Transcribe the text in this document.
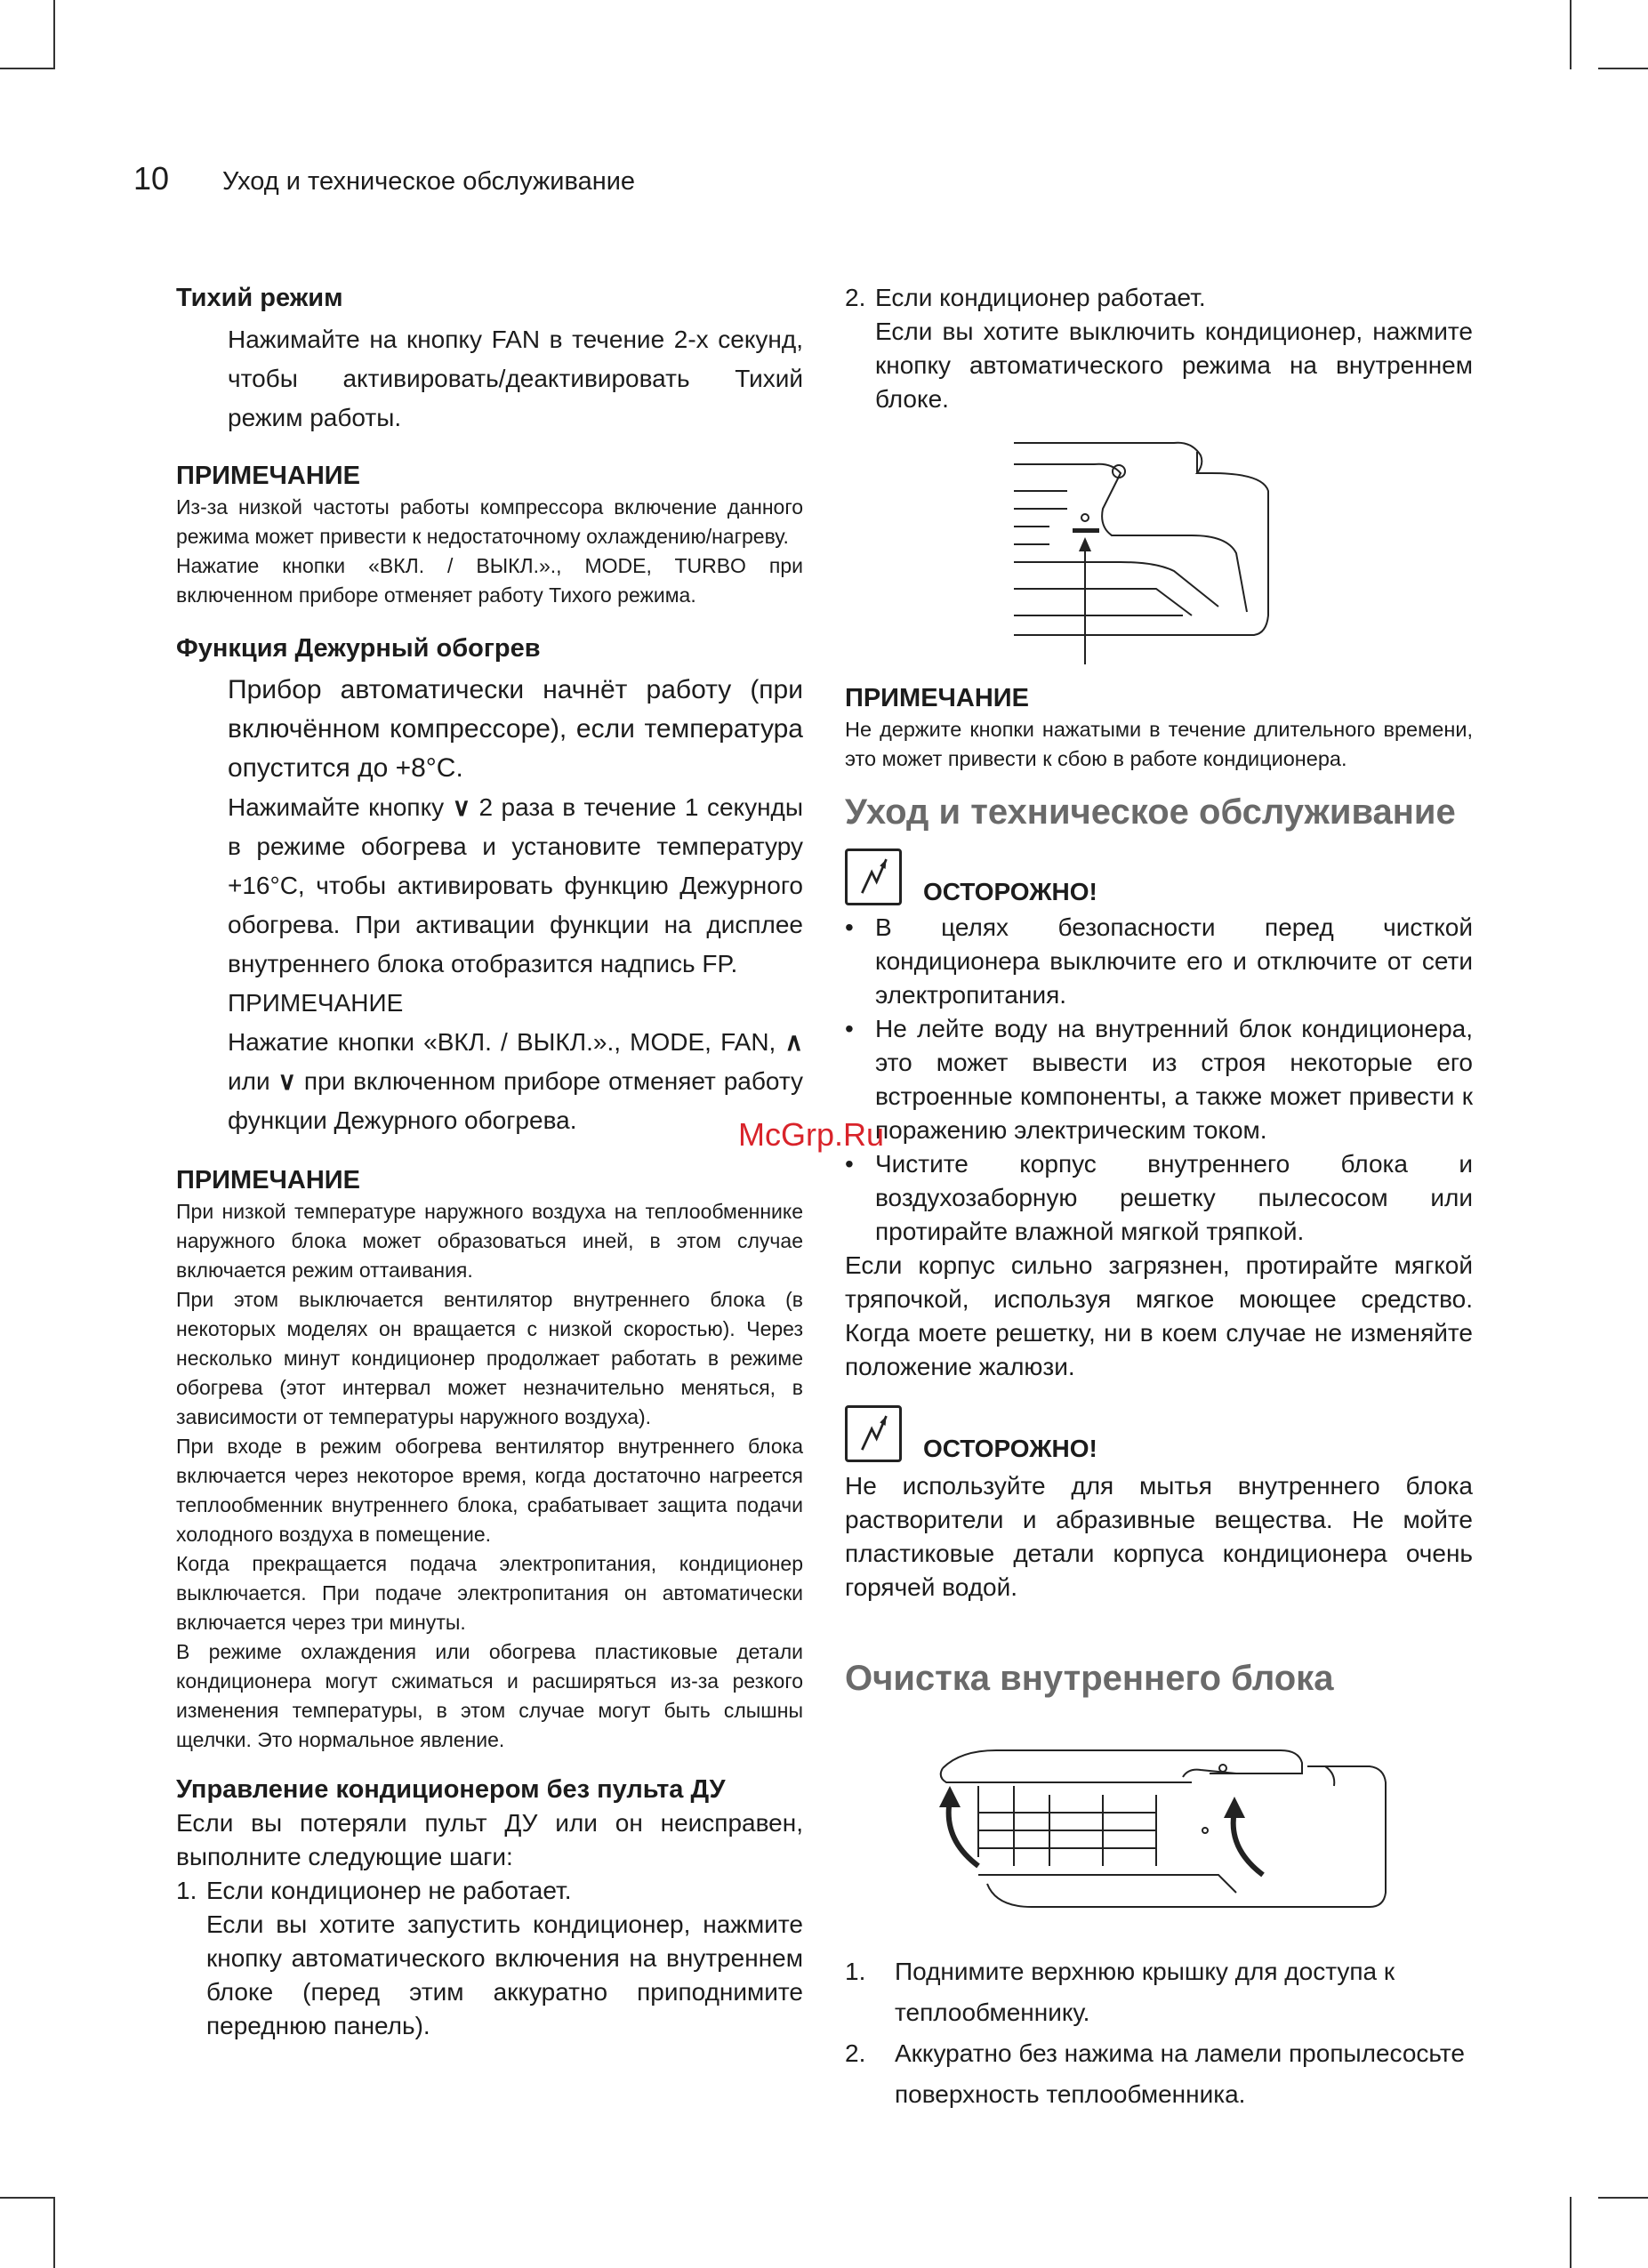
10 Уход и техническое обслуживание

Тихий режим

Нажимайте на кнопку FAN в течение 2-х секунд, чтобы активировать/деактивировать Тихий режим работы.

ПРИМЕЧАНИЕ

Из-за низкой частоты работы компрессора включение данного режима может привести к недостаточному охлаждению/нагреву.

Нажатие кнопки «ВКЛ. / ВЫКЛ.»., MODE, TURBO при включенном приборе отменяет работу Тихого режима.

Функция Дежурный обогрев

Прибор автоматически начнёт работу (при включённом компрессоре), если температура опустится до +8°C.

Нажимайте кнопку ∨ 2 раза в течение 1 секунды в режиме обогрева и установите температуру +16°C, чтобы активировать функцию Дежурного обогрева. При активации функции на дисплее внутреннего блока отобразится надпись FP.

ПРИМЕЧАНИЕ

Нажатие кнопки «ВКЛ. / ВЫКЛ.»., MODE, FAN, ∧ или ∨ при включенном приборе отменяет работу функции Дежурного обогрева.

ПРИМЕЧАНИЕ

При низкой температуре наружного воздуха на теплообменнике наружного блока может образоваться иней, в этом случае включается режим оттаивания.

При этом выключается вентилятор внутреннего блока (в некоторых моделях он вращается с низкой скоростью). Через несколько минут кондиционер продолжает работать в режиме обогрева (этот интервал может незначительно меняться, в зависимости от температуры наружного воздуха).

При входе в режим обогрева вентилятор внутреннего блока включается через некоторое время, когда достаточно нагреется теплообменник внутреннего блока, срабатывает защита подачи холодного воздуха в помещение.

Когда прекращается подача электропитания, кондиционер выключается. При подаче электропитания он автоматически включается через три минуты.

В режиме охлаждения или обогрева пластиковые детали кондиционера могут сжиматься и расширяться из-за резкого изменения температуры, в этом случае могут быть слышны щелчки. Это нормальное явление.

Управление кондиционером без пульта ДУ

Если вы потеряли пульт ДУ или он неисправен, выполните следующие шаги:

1. Если кондиционер не работает.
Если вы хотите запустить кондиционер, нажмите кнопку автоматического включения на внутреннем блоке (перед этим аккуратно приподнимите переднюю панель).
2. Если кондиционер работает.
Если вы хотите выключить кондиционер, нажмите кнопку автоматического режима на внутреннем блоке.

ПРИМЕЧАНИЕ

Не держите кнопки нажатыми в течение длительного времени, это может привести к сбою в работе кондиционера.

Уход и техническое обслуживание
ОСТОРОЖНО!
• В целях безопасности перед чисткой кондиционера выключите его и отключите от сети электропитания.
• Не лейте воду на внутренний блок кондиционера, это может вывести из строя некоторые его встроенные компоненты, а также может привести к поражению электрическим током.
• Чистите корпус внутреннего блока и воздухозаборную решетку пылесосом или протирайте влажной мягкой тряпкой.

Если корпус сильно загрязнен, протирайте мягкой тряпочкой, используя мягкое моющее средство. Когда моете решетку, ни в коем случае не изменяйте положение жалюзи.

ОСТОРОЖНО!

Не используйте для мытья внутреннего блока растворители и абразивные вещества. Не мойте пластиковые детали корпуса кондиционера очень горячей водой.

Очистка внутреннего блока
1.	Поднимите верхнюю крышку для доступа к теплообменнику.
2.	Аккуратно без нажима на ламели пропылесосьте поверхность теплообменника.
McGrp.Ru
